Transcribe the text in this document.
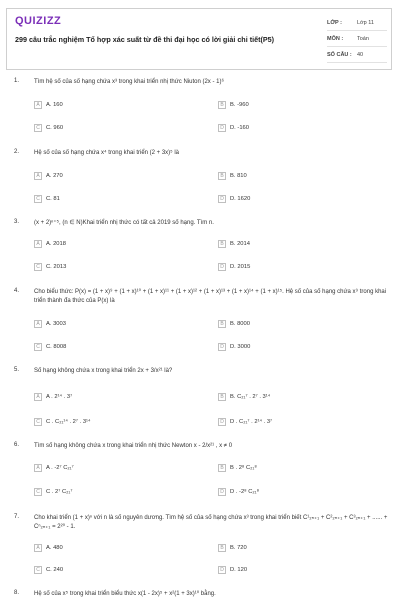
QUIZIZZ
299 câu trắc nghiệm Tổ hợp xác suất từ đề thi đại học có lời giải chi tiết(P5)
LỚP :	Lớp 11
MÔN :	Toán
SỐ CÂU : 40
1. Tìm hệ số của số hạng chứa x³ trong khai triển nhị thức Niuton (2x - 1)⁶
A	A. 160	B	B. -960
C	C. 960	D	D. -160
2. Hệ số của số hạng chứa x⁴ trong khai triển (2 + 3x)⁵ là
A	A. 270	B	B. 810
C	C. 81	D	D. 1620
3. (x + 2)ⁿ⁺⁵, (n ∈ N)Khai triển nhị thức có tất cả 2019 số hạng. Tìm n.
A	A. 2018	B	B. 2014
C	C. 2013	D	D. 2015
4. Cho biểu thức: P(x) = (1 + x)⁹ + (1 + x)¹⁰ + (1 + x)¹¹ + (1 + x)¹² + (1 + x)¹³ + (1 + x)¹⁴ + (1 + x)¹⁵. Hệ số của số hạng chứa x⁹ trong khai triển thành đa thức của P(x) là
A	A. 3003	B	B. 8000
C	C. 8008	D	D. 3000
5. Số hạng không chứa x trong khai triển 2x + 3/x²¹ là?
A	A . 2¹⁴ . 3⁷	B	B. C₂₁⁷ . 2⁷ . 3¹⁴
C	C . C₂₁¹⁴ . 2⁷ . 3¹⁴	D	D . C₂₁⁷ . 2¹⁴ . 3⁷
6. Tìm số hạng không chứa x trong khai triển nhị thức Newton x - 2/x²¹ , x ≠ 0
A	A . -2⁷ C₂₁⁷	B	B . 2⁸ C₂₁⁸
C	C . 2⁷ C₂₁⁷	D	D . -2⁸ C₂₁⁸
7. Cho khai triển (1 + x)ⁿ với n là số nguyên dương. Tìm hệ số của số hạng chứa x³ trong khai triển biết C¹₂ₙ₊₁ + C²₂ₙ₊₁ + C³₂ₙ₊₁ + ...... + Cⁿ₂ₙ₊₁ = 2²⁰ - 1.
A	A. 480	B	B. 720
C	C. 240	D	D. 120
8. Hệ số của x⁵ trong khai triển biểu thức x(1 - 2x)⁵ + x²(1 + 3x)¹⁰ bằng.
